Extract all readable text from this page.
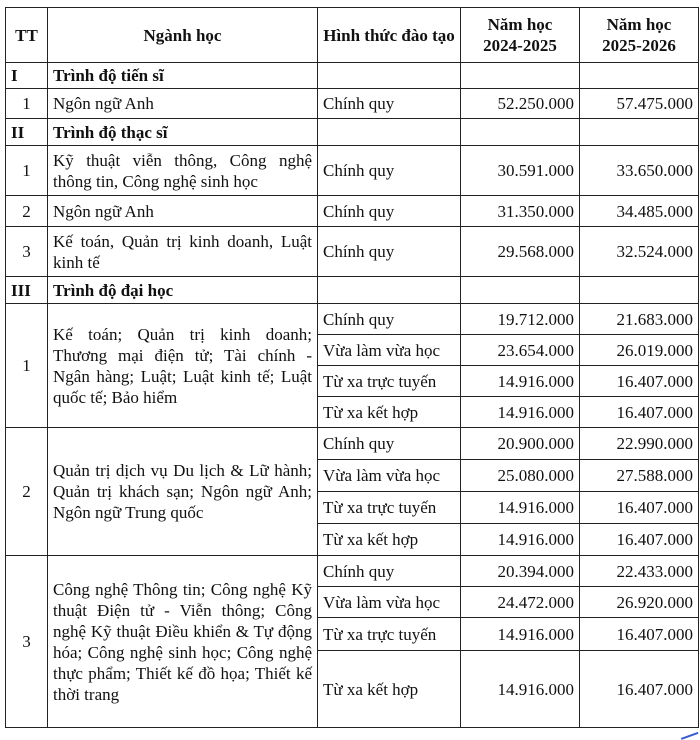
TT	Ngành học	Hình thức đào tạo	Năm học 2024-2025	Năm học 2025-2026
I	Trình độ tiến sĩ			
1	Ngôn ngữ Anh	Chính quy	52.250.000	57.475.000
II	Trình độ thạc sĩ			
1	Kỹ thuật viễn thông, Công nghệ thông tin, Công nghệ sinh học	Chính quy	30.591.000	33.650.000
2	Ngôn ngữ Anh	Chính quy	31.350.000	34.485.000
3	Kế toán, Quản trị kinh doanh, Luật kinh tế	Chính quy	29.568.000	32.524.000
III	Trình độ đại học			
1	Kế toán; Quản trị kinh doanh; Thương mại điện tử; Tài chính - Ngân hàng; Luật; Luật kinh tế; Luật quốc tế; Bảo hiểm	Chính quy	19.712.000	21.683.000
		Vừa làm vừa học	23.654.000	26.019.000
		Từ xa trực tuyến	14.916.000	16.407.000
		Từ xa kết hợp	14.916.000	16.407.000
2	Quản trị dịch vụ Du lịch & Lữ hành; Quản trị khách sạn; Ngôn ngữ Anh; Ngôn ngữ Trung quốc	Chính quy	20.900.000	22.990.000
		Vừa làm vừa học	25.080.000	27.588.000
		Từ xa trực tuyến	14.916.000	16.407.000
		Từ xa kết hợp	14.916.000	16.407.000
3	Công nghệ Thông tin; Công nghệ Kỹ thuật Điện tử - Viễn thông; Công nghệ Kỹ thuật Điều khiển & Tự động hóa; Công nghệ sinh học; Công nghệ thực phẩm; Thiết kế đồ họa; Thiết kế thời trang	Chính quy	20.394.000	22.433.000
		Vừa làm vừa học	24.472.000	26.920.000
		Từ xa trực tuyến	14.916.000	16.407.000
		Từ xa kết hợp	14.916.000	16.407.000
